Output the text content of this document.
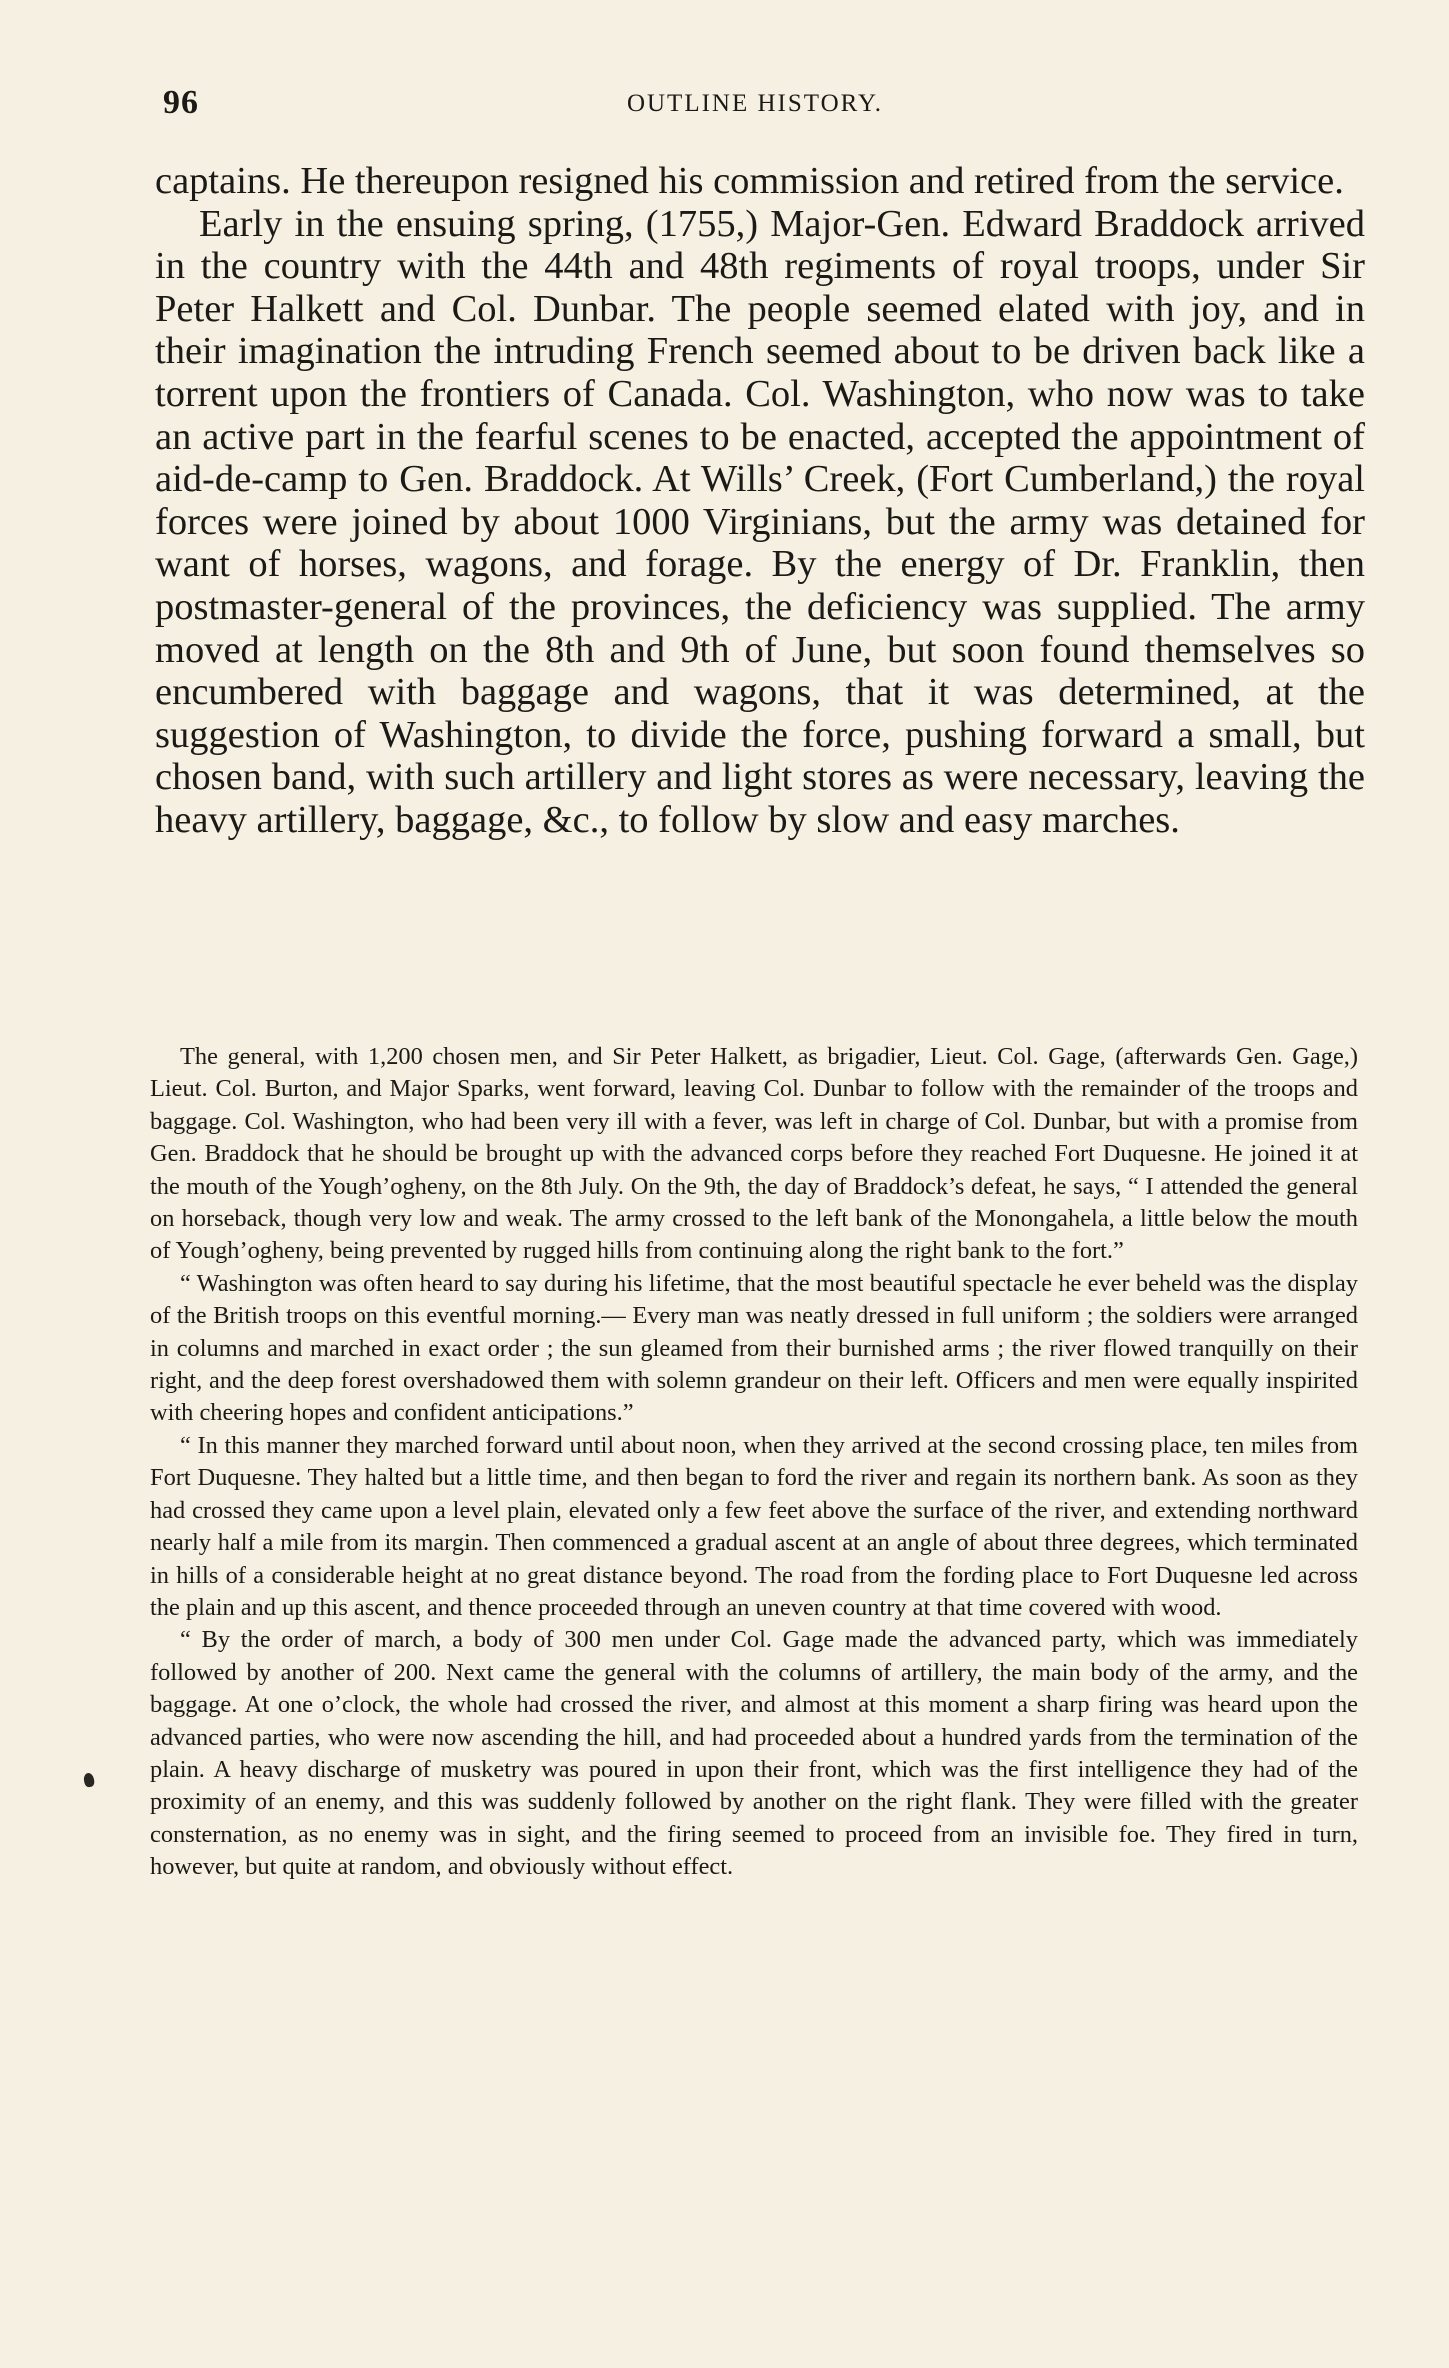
96	OUTLINE HISTORY.

captains. He thereupon resigned his commission and retired from the service.

Early in the ensuing spring, (1755,) Major-Gen. Edward Braddock arrived in the country with the 44th and 48th regiments of royal troops, under Sir Peter Halkett and Col. Dunbar. The people seemed elated with joy, and in their imagination the intruding French seemed about to be driven back like a torrent upon the frontiers of Canada. Col. Washington, who now was to take an active part in the fearful scenes to be enacted, accepted the appointment of aid-de-camp to Gen. Braddock. At Wills’ Creek, (Fort Cumberland,) the royal forces were joined by about 1000 Virginians, but the army was detained for want of horses, wagons, and forage. By the energy of Dr. Franklin, then postmaster-general of the provinces, the deficiency was supplied. The army moved at length on the 8th and 9th of June, but soon found themselves so encumbered with baggage and wagons, that it was determined, at the suggestion of Washington, to divide the force, pushing forward a small, but chosen band, with such artillery and light stores as were necessary, leaving the heavy artillery, baggage, &c., to follow by slow and easy marches.

The general, with 1,200 chosen men, and Sir Peter Halkett, as brigadier, Lieut. Col. Gage, (afterwards Gen. Gage,) Lieut. Col. Burton, and Major Sparks, went forward, leaving Col. Dunbar to follow with the remainder of the troops and baggage. Col. Washington, who had been very ill with a fever, was left in charge of Col. Dunbar, but with a promise from Gen. Braddock that he should be brought up with the advanced corps before they reached Fort Duquesne. He joined it at the mouth of the Yough’ogheny, on the 8th July. On the 9th, the day of Braddock’s defeat, he says, “ I attended the general on horseback, though very low and weak. The army crossed to the left bank of the Monongahela, a little below the mouth of Yough’ogheny, being prevented by rugged hills from continuing along the right bank to the fort.”

“ Washington was often heard to say during his lifetime, that the most beautiful spectacle he ever beheld was the display of the British troops on this eventful morning.— Every man was neatly dressed in full uniform ; the soldiers were arranged in columns and marched in exact order ; the sun gleamed from their burnished arms ; the river flowed tranquilly on their right, and the deep forest overshadowed them with solemn grandeur on their left. Officers and men were equally inspirited with cheering hopes and confident anticipations.”

“ In this manner they marched forward until about noon, when they arrived at the second crossing place, ten miles from Fort Duquesne. They halted but a little time, and then began to ford the river and regain its northern bank. As soon as they had crossed they came upon a level plain, elevated only a few feet above the surface of the river, and extending northward nearly half a mile from its margin. Then commenced a gradual ascent at an angle of about three degrees, which terminated in hills of a considerable height at no great distance beyond. The road from the fording place to Fort Duquesne led across the plain and up this ascent, and thence proceeded through an uneven country at that time covered with wood.

“ By the order of march, a body of 300 men under Col. Gage made the advanced party, which was immediately followed by another of 200. Next came the general with the columns of artillery, the main body of the army, and the baggage. At one o’clock, the whole had crossed the river, and almost at this moment a sharp firing was heard upon the advanced parties, who were now ascending the hill, and had proceeded about a hundred yards from the termination of the plain. A heavy discharge of musketry was poured in upon their front, which was the first intelligence they had of the proximity of an enemy, and this was suddenly followed by another on the right flank. They were filled with the greater consternation, as no enemy was in sight, and the firing seemed to proceed from an invisible foe. They fired in turn, however, but quite at random, and obviously without effect.
